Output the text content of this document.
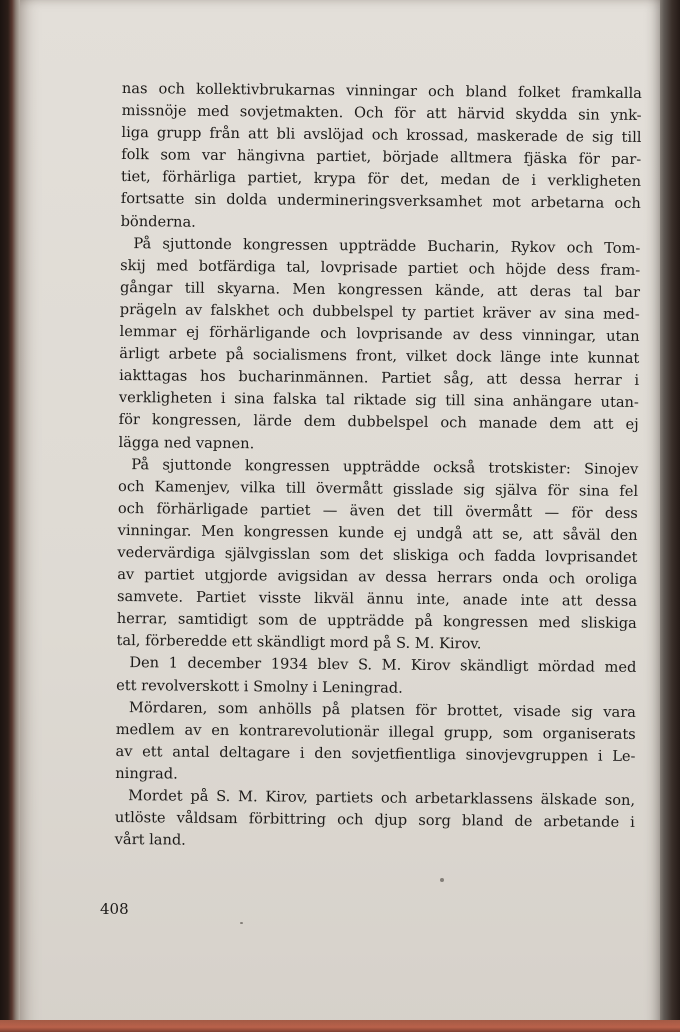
nas och kollektivbrukarnas vinningar och bland folket framkalla
missnöje med sovjetmakten. Och för att härvid skydda sin ynk-
liga grupp från att bli avslöjad och krossad, maskerade de sig till
folk som var hängivna partiet, började alltmera fjäska för par-
tiet, förhärliga partiet, krypa för det, medan de i verkligheten
fortsatte sin dolda undermineringsverksamhet mot arbetarna och
bönderna.

På sjuttonde kongressen uppträdde Bucharin, Rykov och Tom-
skij med botfärdiga tal, lovprisade partiet och höjde dess fram-
gångar till skyarna. Men kongressen kände, att deras tal bar
prägeln av falskhet och dubbelspel ty partiet kräver av sina med-
lemmar ej förhärligande och lovprisande av dess vinningar, utan
ärligt arbete på socialismens front, vilket dock länge inte kunnat
iakttagas hos bucharinmännen. Partiet såg, att dessa herrar i
verkligheten i sina falska tal riktade sig till sina anhängare utan-
för kongressen, lärde dem dubbelspel och manade dem att ej
lägga ned vapnen.

På sjuttonde kongressen uppträdde också trotskister: Sinojev
och Kamenjev, vilka till övermått gisslade sig själva för sina fel
och förhärligade partiet — även det till övermått — för dess
vinningar. Men kongressen kunde ej undgå att se, att såväl den
vedervärdiga självgisslan som det sliskiga och fadda lovprisandet
av partiet utgjorde avigsidan av dessa herrars onda och oroliga
samvete. Partiet visste likväl ännu inte, anade inte att dessa
herrar, samtidigt som de uppträdde på kongressen med sliskiga
tal, förberedde ett skändligt mord på S. M. Kirov.

Den 1 december 1934 blev S. M. Kirov skändligt mördad med
ett revolverskott i Smolny i Leningrad.

Mördaren, som anhölls på platsen för brottet, visade sig vara
medlem av en kontrarevolutionär illegal grupp, som organiserats
av ett antal deltagare i den sovjetfientliga sinovjevgruppen i Le-
ningrad.

Mordet på S. M. Kirov, partiets och arbetarklassens älskade son,
utlöste våldsam förbittring och djup sorg bland de arbetande i
vårt land.

408
